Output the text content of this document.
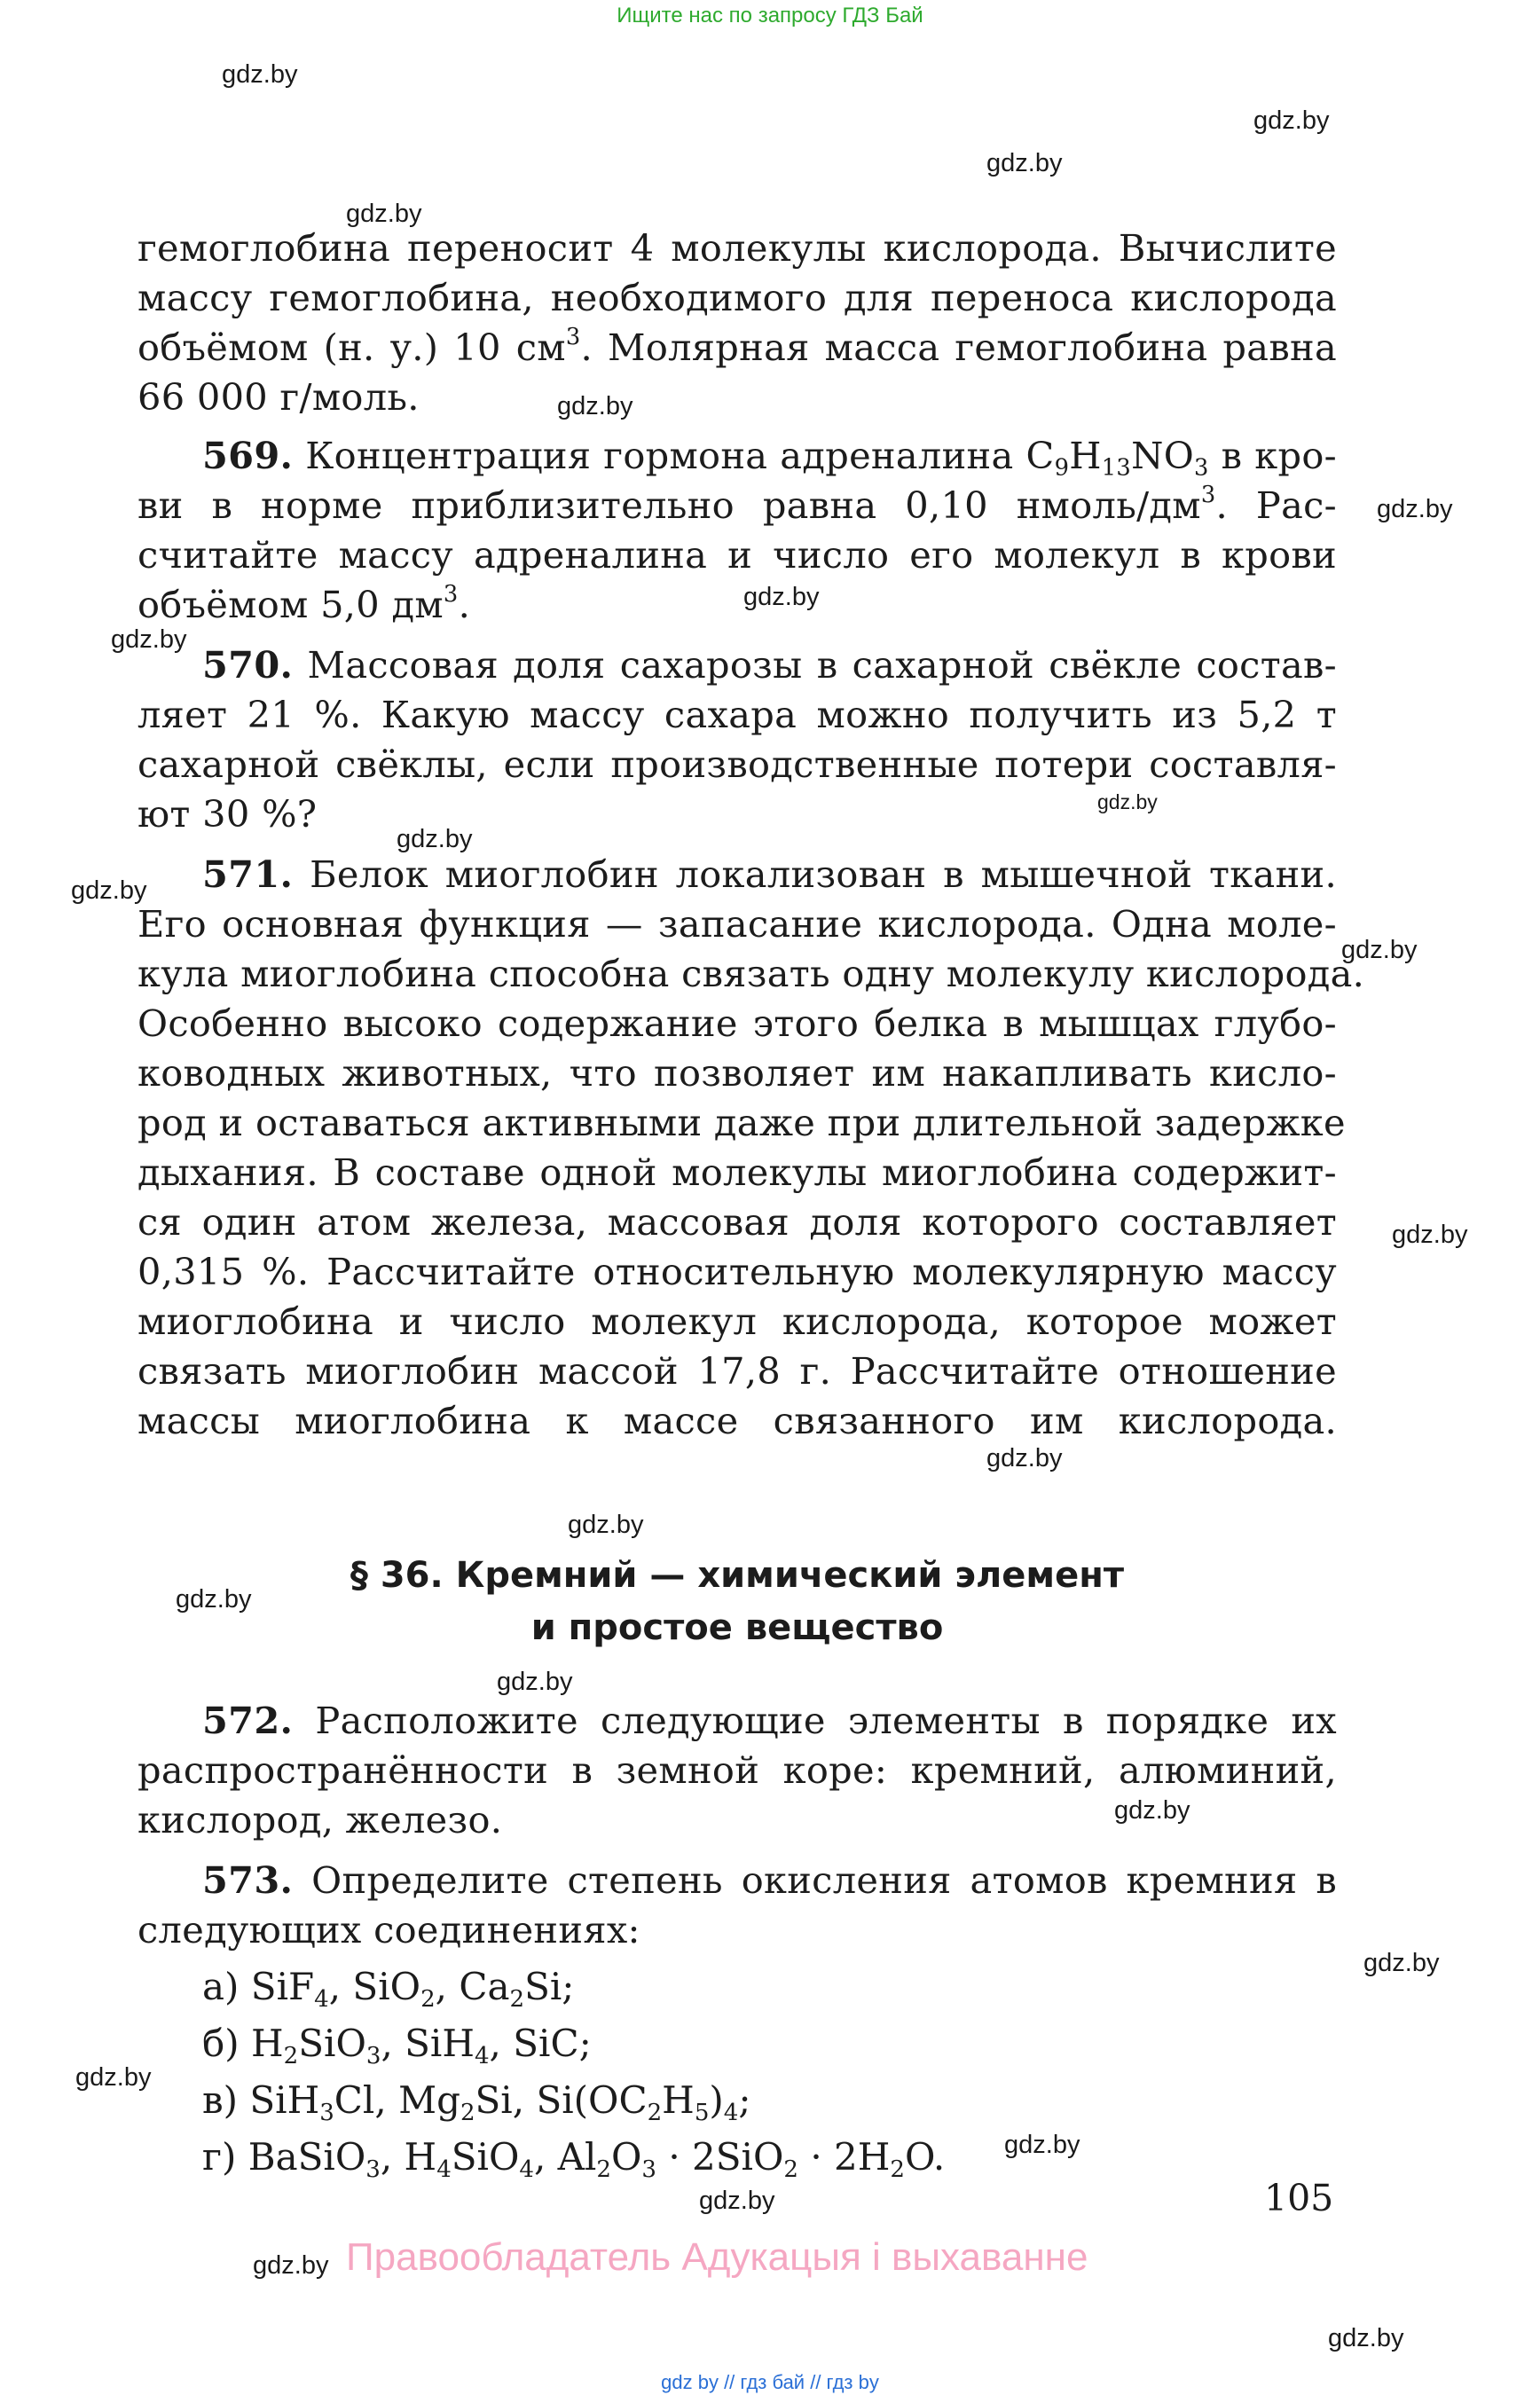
Ищите нас по запросу ГДЗ Бай
gdz.by
gdz.by
gdz.by
gdz.by
gdz.by
gdz.by
gdz.by
gdz.by
gdz.by
gdz.by
gdz.by
gdz.by
gdz.by
gdz.by
gdz.by
gdz.by
gdz.by
gdz.by
gdz.by
gdz.by
gdz.by
gdz.by
gdz.by
gdz.by
гемоглобина переносит 4 молекулы кислорода. Вычислите
массу гемоглобина, необходимого для переноса кислорода
объёмом (н. у.) 10 $см^3$. Молярная масса гемоглобина равна
66 000 г/моль.
569. Концентрация гормона адреналина $C_9H_{13}NO_3$ в кро-
ви в норме приблизительно равна 0,10 нмоль/$дм^3$. Рас-
считайте массу адреналина и число его молекул в крови
объёмом 5,0 $дм^3$.
570. Массовая доля сахарозы в сахарной свёкле состав-
ляет 21 %. Какую массу сахара можно получить из 5,2 т
сахарной свёклы, если производственные потери составля-
ют 30 %?
571. Белок миоглобин локализован в мышечной ткани.
Его основная функция — запасание кислорода. Одна моле-
кула миоглобина способна связать одну молекулу кислорода.
Особенно высоко содержание этого белка в мышцах глубо-
ководных животных, что позволяет им накапливать кисло-
род и оставаться активными даже при длительной задержке
дыхания. В составе одной молекулы миоглобина содержит-
ся один атом железа, массовая доля которого составляет
0,315 %. Рассчитайте относительную молекулярную массу
миоглобина и число молекул кислорода, которое может
связать миоглобин массой 17,8 г. Рассчитайте отношение
массы миоглобина к массе связанного им кислорода.
§ 36. Кремний — химический элемент
и простое вещество
572. Расположите следующие элементы в порядке их
распространённости в земной коре: кремний, алюминий,
кислород, железо.
573. Определите степень окисления атомов кремния в
следующих соединениях:
а) SiF$_4$, SiO$_2$, $Ca_2Si$;
б) $H_2SiO_3$, SiH$_4$, SiC;
в) SiH$_3$Cl, $Mg_2Si$, $Si(OC_2H_5)_4$;
г) BaSiO$_3$, $H_4SiO_4$, $Al_2O_3 \cdot 2SiO_2 \cdot 2H_2O$.
105
Правообладатель Адукацыя і выхаванне
gdz by // гдз бай // гдз by
